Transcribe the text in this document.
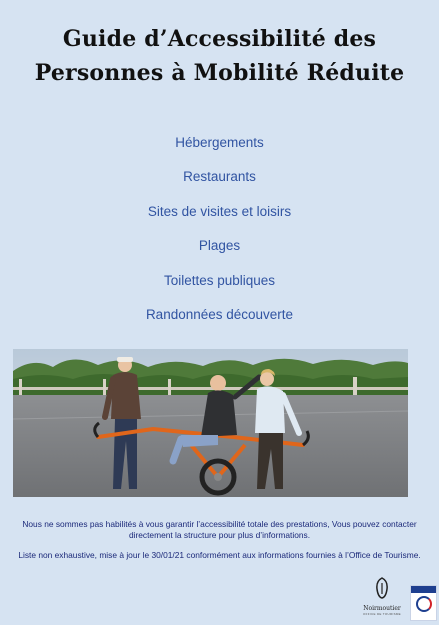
Guide d’Accessibilité des
Personnes à Mobilité Réduite
Hébergements
Restaurants
Sites de visites et loisirs
Plages
Toilettes publiques
Randonnées découverte

Nous ne sommes pas habilités à vous garantir l’accessibilité totale des prestations, Vous pouvez contacter directement la structure pour plus d’informations.

Liste non exhaustive, mise à jour le 30/01/21 conformément aux informations fournies à l’Office de Tourisme.

Noirmoutier
OFFICE DE TOURISME
